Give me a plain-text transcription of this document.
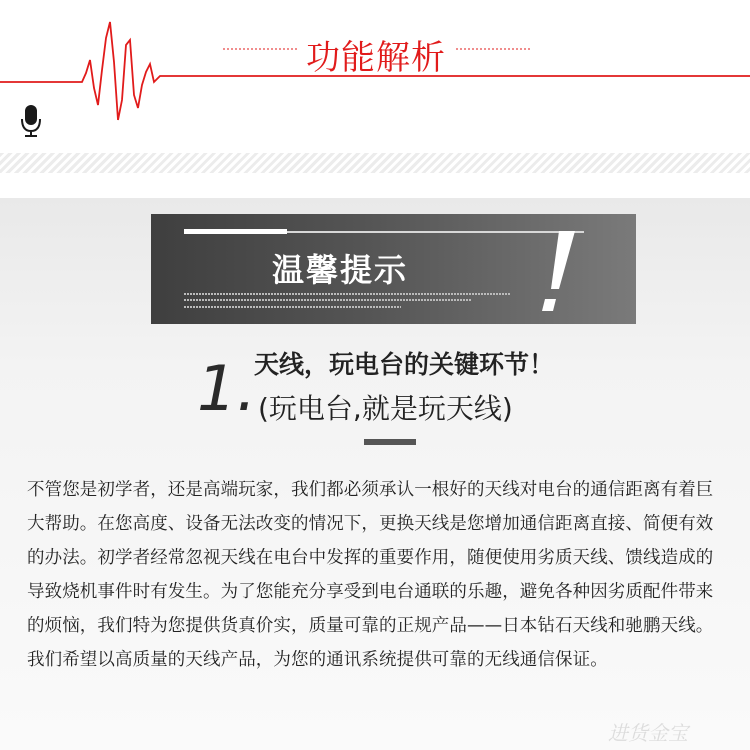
功能解析
温馨提示
1.
天线，玩电台的关键环节！
(玩电台,就是玩天线)
不管您是初学者，还是高端玩家，我们都必须承认一根好的天线对电台的通信距离有着巨大帮助。在您高度、设备无法改变的情况下，更换天线是您增加通信距离直接、简便有效的办法。初学者经常忽视天线在电台中发挥的重要作用，随便使用劣质天线、馈线造成的导致烧机事件时有发生。为了您能充分享受到电台通联的乐趣，避免各种因劣质配件带来的烦恼，我们特为您提供货真价实，质量可靠的正规产品——日本钻石天线和驰鹏天线。我们希望以高质量的天线产品，为您的通讯系统提供可靠的无线通信保证。
进货金宝
